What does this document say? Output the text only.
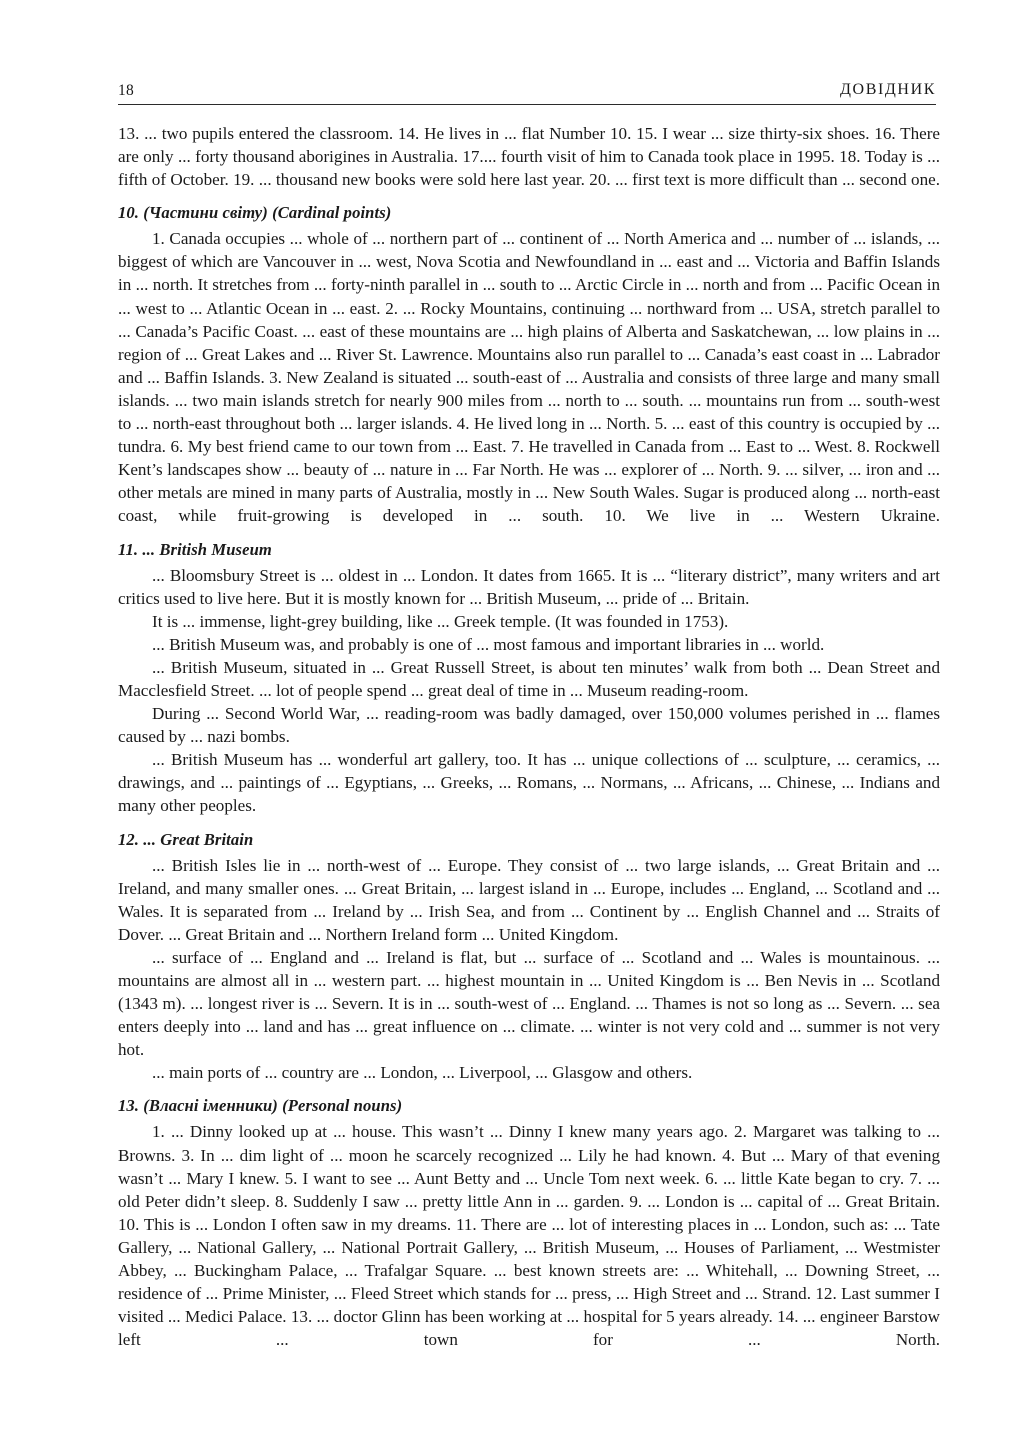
18	ДОВІДНИК

13. ... two pupils entered the classroom. 14. He lives in ... flat Number 10. 15. I wear ... size thirty-six shoes. 16. There are only ... forty thousand aborigines in Australia. 17.... fourth visit of him to Canada took place in 1995. 18. Today is ... fifth of October. 19. ... thousand new books were sold here last year. 20. ... first text is more difficult than ... second one.

10. (Частини світу) (Cardinal points)

1. Canada occupies ... whole of ... northern part of ... continent of ... North America and ... number of ... islands, ... biggest of which are Vancouver in ... west, Nova Scotia and Newfoundland in ... east and ... Victoria and Baffin Islands in ... north. It stretches from ... forty-ninth parallel in ... south to ... Arctic Circle in ... north and from ... Pacific Ocean in ... west to ... Atlantic Ocean in ... east. 2. ... Rocky Mountains, continuing ... northward from ... USA, stretch parallel to ... Canada’s Pacific Coast. ... east of these mountains are ... high plains of Alberta and Saskatchewan, ... low plains in ... region of ... Great Lakes and ... River St. Lawrence. Mountains also run parallel to ... Canada’s east coast in ... Labrador and ... Baffin Islands. 3. New Zealand is situated ... south-east of ... Australia and consists of three large and many small islands. ... two main islands stretch for nearly 900 miles from ... north to ... south. ... mountains run from ... south-west to ... north-east throughout both ... larger islands. 4. He lived long in ... North. 5. ... east of this country is occupied by ... tundra. 6. My best friend came to our town from ... East. 7. He travelled in Canada from ... East to ... West. 8. Rockwell Kent’s landscapes show ... beauty of ... nature in ... Far North. He was ... explorer of ... North. 9. ... silver, ... iron and ... other metals are mined in many parts of Australia, mostly in ... New South Wales. Sugar is produced along ... north-east coast, while fruit-growing is developed in ... south. 10. We live in ... Western Ukraine.

11. ... British Museum

... Bloomsbury Street is ... oldest in ... London. It dates from 1665. It is ... “literary district”, many writers and art critics used to live here. But it is mostly known for ... British Museum, ... pride of ... Britain.

It is ... immense, light-grey building, like ... Greek temple. (It was founded in 1753).

... British Museum was, and probably is one of ... most famous and important libraries in ... world.

... British Museum, situated in ... Great Russell Street, is about ten minutes’ walk from both ... Dean Street and Macclesfield Street. ... lot of people spend ... great deal of time in ... Museum reading-room.

During ... Second World War, ... reading-room was badly damaged, over 150,000 volumes perished in ... flames caused by ... nazi bombs.

... British Museum has ... wonderful art gallery, too. It has ... unique collections of ... sculpture, ... ceramics, ... drawings, and ... paintings of ... Egyptians, ... Greeks, ... Romans, ... Normans, ... Africans, ... Chinese, ... Indians and many other peoples.

12. ... Great Britain

... British Isles lie in ... north-west of ... Europe. They consist of ... two large islands, ... Great Britain and ... Ireland, and many smaller ones. ... Great Britain, ... largest island in ... Europe, includes ... England, ... Scotland and ... Wales. It is separated from ... Ireland by ... Irish Sea, and from ... Continent by ... English Channel and ... Straits of Dover. ... Great Britain and ... Northern Ireland form ... United Kingdom.

... surface of ... England and ... Ireland is flat, but ... surface of ... Scotland and ... Wales is mountainous. ... mountains are almost all in ... western part. ... highest mountain in ... United Kingdom is ... Ben Nevis in ... Scotland (1343 m). ... longest river is ... Severn. It is in ... south-west of ... England. ... Thames is not so long as ... Severn. ... sea enters deeply into ... land and has ... great influence on ... climate. ... winter is not very cold and ... summer is not very hot.

... main ports of ... country are ... London, ... Liverpool, ... Glasgow and others.

13. (Власні іменники) (Personal nouns)

1. ... Dinny looked up at ... house. This wasn’t ... Dinny I knew many years ago. 2. Margaret was talking to ... Browns. 3. In ... dim light of ... moon he scarcely recognized ... Lily he had known. 4. But ... Mary of that evening wasn’t ... Mary I knew. 5. I want to see ... Aunt Betty and ... Uncle Tom next week. 6. ... little Kate began to cry. 7. ... old Peter didn’t sleep. 8. Suddenly I saw ... pretty little Ann in ... garden. 9. ... London is ... capital of ... Great Britain. 10. This is ... London I often saw in my dreams. 11. There are ... lot of interesting places in ... London, such as: ... Tate Gallery, ... National Gallery, ... National Portrait Gallery, ... British Museum, ... Houses of Parliament, ... Westmister Abbey, ... Buckingham Palace, ... Trafalgar Square. ... best known streets are: ... Whitehall, ... Downing Street, ... residence of ... Prime Minister, ... Fleed Street which stands for ... press, ... High Street and ... Strand. 12. Last summer I visited ... Medici Palace. 13. ... doctor Glinn has been working at ... hospital for 5 years already. 14. ... engineer Barstow left ... town for ... North.
